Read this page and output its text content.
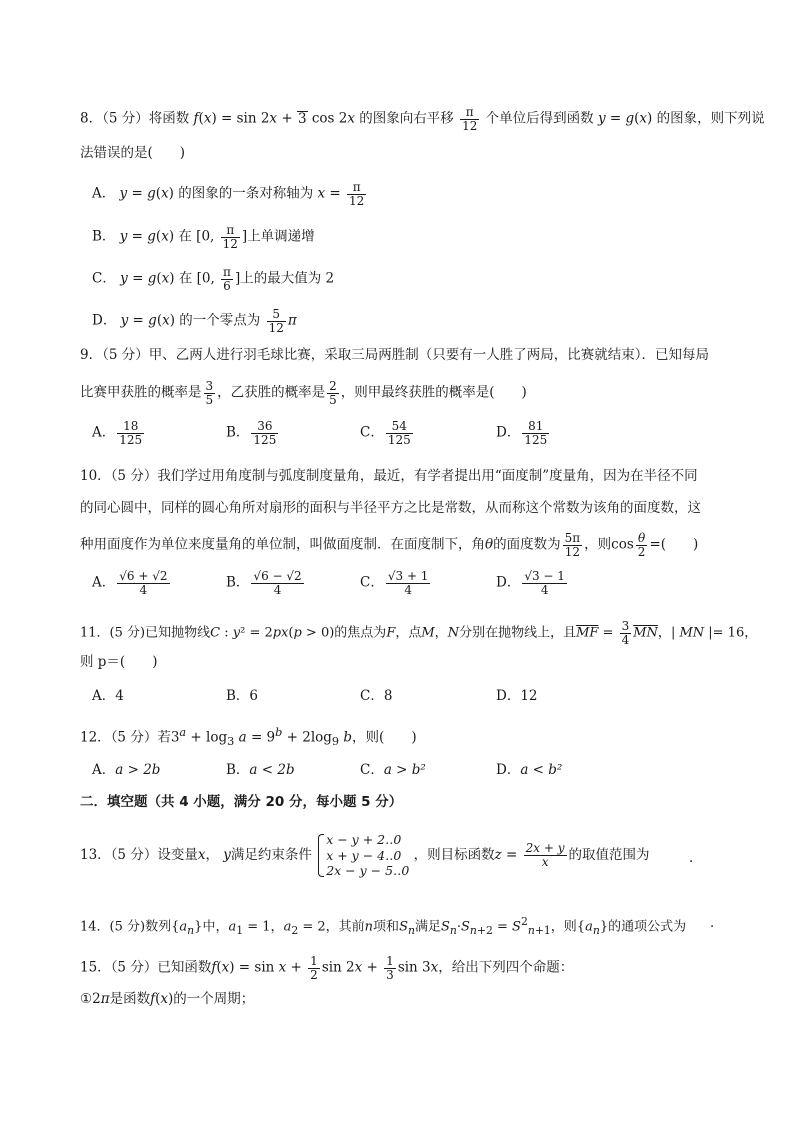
8．（5 分）将函数 f(x) = sin 2x + 3 cos 2x 的图象向右平移 $\frac{\pi}{12}$ 个单位后得到函数 y = g(x) 的图象，则下列说
法错误的是(　　)
A． y = g(x) 的图象的一条对称轴为 $x = \frac{\pi}{12}$
B． y = g(x) 在 [0, $\frac{\pi}{12}$ ]上单调递增
C． y = g(x) 在 [0, $\frac{\pi}{6}$ ]上的最大值为 2
D． y = g(x) 的一个零点为 $\frac{5}{12}$ π
9．（5 分）甲、乙两人进行羽毛球比赛，采取三局两胜制（只要有一人胜了两局，比赛就结束）．已知每局
比赛甲获胜的概率是 $\frac{3}{5}$ ，乙获胜的概率是 $\frac{2}{5}$ ，则甲最终获胜的概率是(　　)
A． $\frac{18}{125}$	B． $\frac{36}{125}$	C． $\frac{54}{125}$	D． $\frac{81}{125}$
10．（5 分）我们学过用角度制与弧度制度量角，最近，有学者提出用“面度制”度量角，因为在半径不同
的同心圆中，同样的圆心角所对扇形的面积与半径平方之比是常数，从而称这个常数为该角的面度数，这
种用面度作为单位来度量角的单位制，叫做面度制．在面度制下，角θ的面度数为 $\frac{5\pi}{12}$ ，则$\cos \frac{\theta}{2}$ =(　　)
A． $\frac{√6 + √2}{4}$	B． $\frac{√6 - √2}{4}$	C． $\frac{√3 + 1}{4}$	D． $\frac{√3 - 1}{4}$
11．(5 分)已知抛物线C : y² = 2px(p > 0)的焦点为F，点M，N分别在抛物线上，且$\overline{MF} = \frac{3}{4} \overline{MN}$，| MN |= 16，
则 p＝(　　)
A．4	B．6	C．8	D．12
12．（5 分）若$3^a + \log_3 a = 9^b + 2\log_9$ b，则(　　)
A．a > 2b	B．a < 2b	C．a > b²	D．a < b²
二．填空题（共 4 小题，满分 20 分，每小题 5 分）
13．（5 分）设变量x， y满足约束条件
x − y + 2‥0
x + y − 4‥0
2x − y − 5‥0
，则目标函数$z = \frac{2x + y}{x}$ 的取值范围为	．
14．(5 分)数列$\{a_n\}$中，$a_1 = 1$，$a_2 = 2$，其前n项和$S_n$满足$S_n\cdot S_{n+2} = S^2_{n+1}$，则$\{a_n\}$的通项公式为 ．
15．（5 分）已知函数$f(x) = \sin x + \frac{1}{2}$ $\sin 2x + \frac{1}{3}$ sin 3x，给出下列四个命题：
①2π是函数f(x)的一个周期；
